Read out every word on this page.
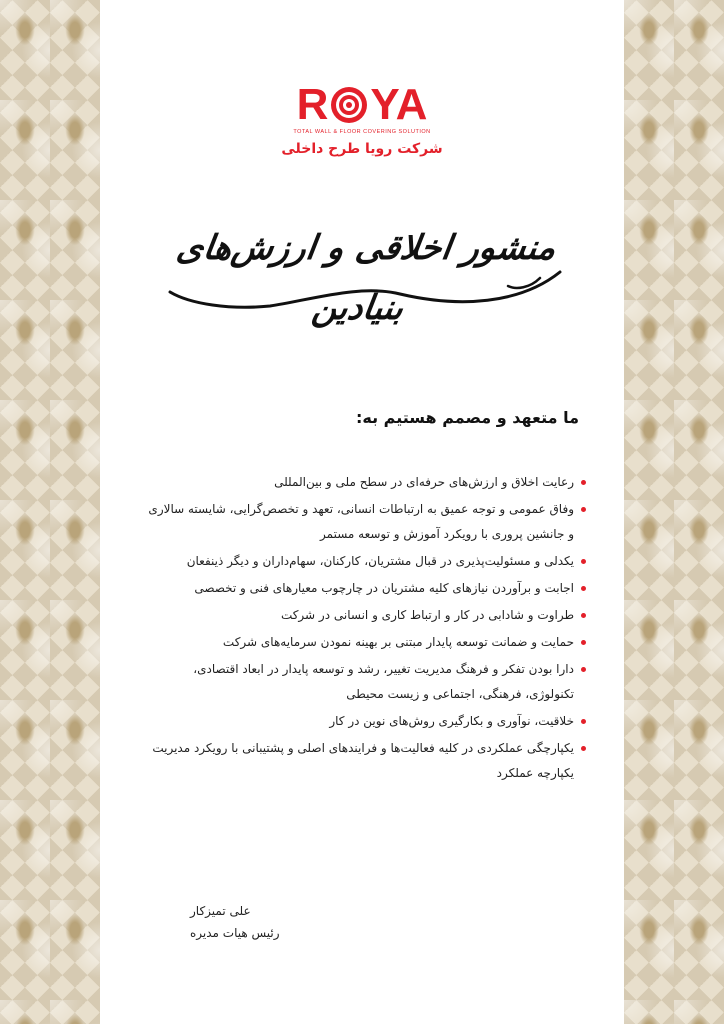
R YA
TOTAL WALL & FLOOR COVERING SOLUTION
شرکت رویا طرح داخلی
منشور اخلاقی و ارزش‌های بنیادین
ما متعهد و مصمم هستیم به:
رعایت اخلاق و ارزش‌های حرفه‌ای در سطح ملی و بین‌المللی
وفاق عمومی و توجه عمیق به ارتباطات انسانی، تعهد و تخصص‌گرایی، شایسته سالاری و جانشین پروری با رویکرد آموزش و توسعه مستمر
یکدلی و مسئولیت‌پذیری در قبال مشتریان، کارکنان، سهام‌داران و دیگر ذینفعان
اجابت و برآوردن نیازهای کلیه مشتریان در چارچوب معیارهای فنی و تخصصی
طراوت و شادابی در کار و ارتباط کاری و انسانی در شرکت
حمایت و ضمانت توسعه پایدار مبتنی بر بهینه نمودن سرمایه‌های شرکت
دارا بودن تفکر و فرهنگ مدیریت تغییر، رشد و توسعه پایدار در ابعاد اقتصادی، تکنولوژی، فرهنگی، اجتماعی و زیست محیطی
خلاقیت، نوآوری و بکارگیری روش‌های نوین در کار
یکپارچگی عملکردی در کلیه فعالیت‌ها و فرایندهای اصلی و پشتیبانی با رویکرد مدیریت یکپارچه عملکرد
علی تمیزکار
رئیس هیات مدیره
